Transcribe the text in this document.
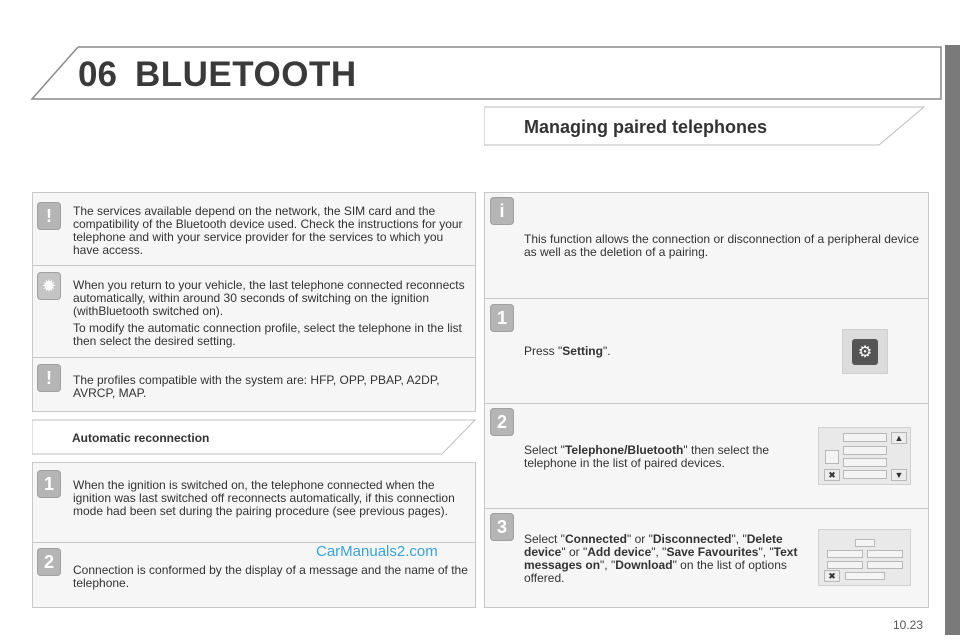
06 BLUETOOTH
Managing paired telephones
!	The services available depend on the network, the SIM card and the compatibility of the Bluetooth device used. Check the instructions for your telephone and with your service provider for the services to which you have access.
✹	When you return to your vehicle, the last telephone connected reconnects automatically, within around 30 seconds of switching on the ignition (withBluetooth switched on).
To modify the automatic connection profile, select the telephone in the list then select the desired setting.
!	The profiles compatible with the system are: HFP, OPP, PBAP, A2DP, AVRCP, MAP.
Automatic reconnection
1	When the ignition is switched on, the telephone connected when the ignition was last switched off reconnects automatically, if this connection mode had been set during the pairing procedure (see previous pages).
2	Connection is conformed by the display of a message and the name of the telephone.
CarManuals2.com
i
This function allows the connection or disconnection of a peripheral device as well as the deletion of a pairing.
1
Press "Setting".	⚙
2
Select "Telephone/Bluetooth" then select the telephone in the list of paired devices.
▲
▼
✖
3
Select "Connected" or "Disconnected", "Delete device" or "Add device", "Save Favourites", "Text messages on", "Download" on the list of options offered.	✖
10.23
